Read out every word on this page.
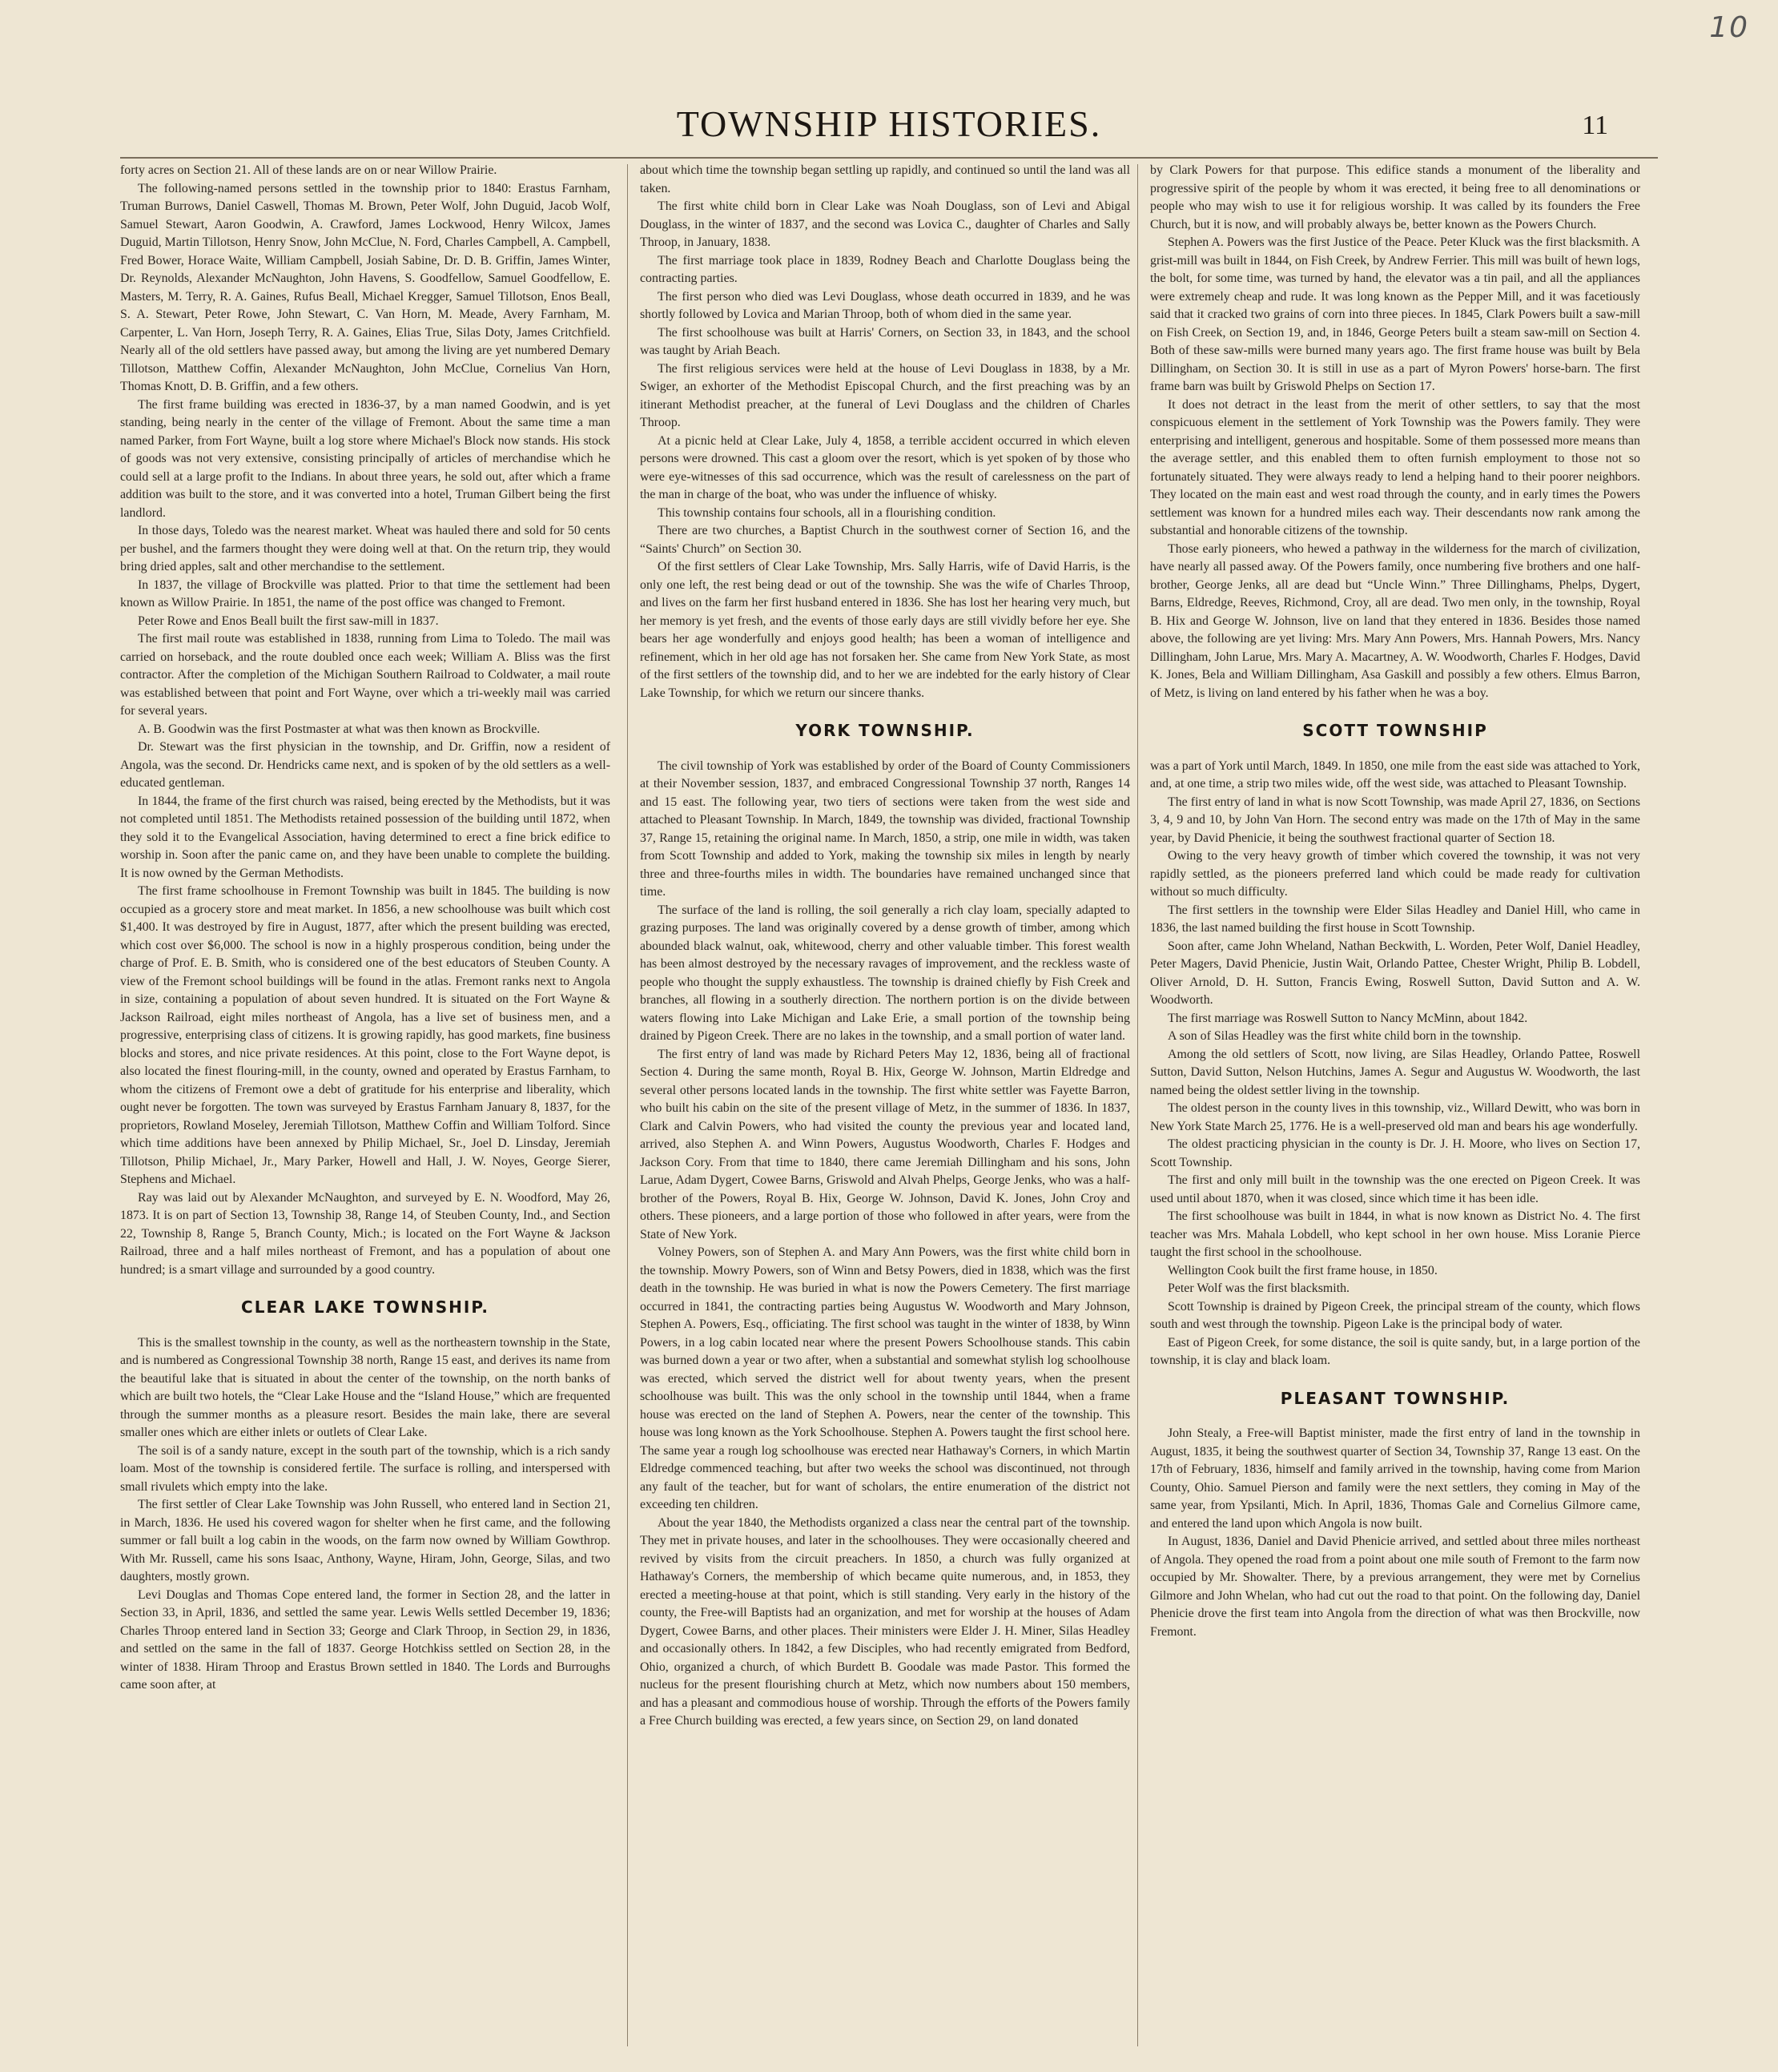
10
TOWNSHIP HISTORIES.	11

forty acres on Section 21. All of these lands are on or near Willow Prairie.

The following-named persons settled in the township prior to 1840: Erastus Farnham, Truman Burrows, Daniel Caswell, Thomas M. Brown, Peter Wolf, John Duguid, Jacob Wolf, Samuel Stewart, Aaron Goodwin, A. Crawford, James Lockwood, Henry Wilcox, James Duguid, Martin Tillotson, Henry Snow, John McClue, N. Ford, Charles Campbell, A. Campbell, Fred Bower, Horace Waite, William Campbell, Josiah Sabine, Dr. D. B. Griffin, James Winter, Dr. Reynolds, Alexander McNaughton, John Havens, S. Goodfellow, Samuel Goodfellow, E. Masters, M. Terry, R. A. Gaines, Rufus Beall, Michael Kregger, Samuel Tillotson, Enos Beall, S. A. Stewart, Peter Rowe, John Stewart, C. Van Horn, M. Meade, Avery Farnham, M. Carpenter, L. Van Horn, Joseph Terry, R. A. Gaines, Elias True, Silas Doty, James Critchfield. Nearly all of the old settlers have passed away, but among the living are yet numbered Demary Tillotson, Matthew Coffin, Alexander McNaughton, John McClue, Cornelius Van Horn, Thomas Knott, D. B. Griffin, and a few others.

The first frame building was erected in 1836-37, by a man named Goodwin, and is yet standing, being nearly in the center of the village of Fremont. About the same time a man named Parker, from Fort Wayne, built a log store where Michael's Block now stands. His stock of goods was not very extensive, consisting principally of articles of merchandise which he could sell at a large profit to the Indians. In about three years, he sold out, after which a frame addition was built to the store, and it was converted into a hotel, Truman Gilbert being the first landlord.

In those days, Toledo was the nearest market. Wheat was hauled there and sold for 50 cents per bushel, and the farmers thought they were doing well at that. On the return trip, they would bring dried apples, salt and other merchandise to the settlement.

In 1837, the village of Brockville was platted. Prior to that time the settlement had been known as Willow Prairie. In 1851, the name of the post office was changed to Fremont.

Peter Rowe and Enos Beall built the first saw-mill in 1837.

The first mail route was established in 1838, running from Lima to Toledo. The mail was carried on horseback, and the route doubled once each week; William A. Bliss was the first contractor. After the completion of the Michigan Southern Railroad to Coldwater, a mail route was established between that point and Fort Wayne, over which a tri-weekly mail was carried for several years.

A. B. Goodwin was the first Postmaster at what was then known as Brockville.

Dr. Stewart was the first physician in the township, and Dr. Griffin, now a resident of Angola, was the second. Dr. Hendricks came next, and is spoken of by the old settlers as a well-educated gentleman.

In 1844, the frame of the first church was raised, being erected by the Methodists, but it was not completed until 1851. The Methodists retained possession of the building until 1872, when they sold it to the Evangelical Association, having determined to erect a fine brick edifice to worship in. Soon after the panic came on, and they have been unable to complete the building. It is now owned by the German Methodists.

The first frame schoolhouse in Fremont Township was built in 1845. The building is now occupied as a grocery store and meat market. In 1856, a new schoolhouse was built which cost $1,400. It was destroyed by fire in August, 1877, after which the present building was erected, which cost over $6,000. The school is now in a highly prosperous condition, being under the charge of Prof. E. B. Smith, who is considered one of the best educators of Steuben County. A view of the Fremont school buildings will be found in the atlas. Fremont ranks next to Angola in size, containing a population of about seven hundred. It is situated on the Fort Wayne & Jackson Railroad, eight miles northeast of Angola, has a live set of business men, and a progressive, enterprising class of citizens. It is growing rapidly, has good markets, fine business blocks and stores, and nice private residences. At this point, close to the Fort Wayne depot, is also located the finest flouring-mill, in the county, owned and operated by Erastus Farnham, to whom the citizens of Fremont owe a debt of gratitude for his enterprise and liberality, which ought never be forgotten. The town was surveyed by Erastus Farnham January 8, 1837, for the proprietors, Rowland Moseley, Jeremiah Tillotson, Matthew Coffin and William Tolford. Since which time additions have been annexed by Philip Michael, Sr., Joel D. Linsday, Jeremiah Tillotson, Philip Michael, Jr., Mary Parker, Howell and Hall, J. W. Noyes, George Sierer, Stephens and Michael.

Ray was laid out by Alexander McNaughton, and surveyed by E. N. Woodford, May 26, 1873. It is on part of Section 13, Township 38, Range 14, of Steuben County, Ind., and Section 22, Township 8, Range 5, Branch County, Mich.; is located on the Fort Wayne & Jackson Railroad, three and a half miles northeast of Fremont, and has a population of about one hundred; is a smart village and surrounded by a good country.

CLEAR LAKE TOWNSHIP.

This is the smallest township in the county, as well as the northeastern township in the State, and is numbered as Congressional Township 38 north, Range 15 east, and derives its name from the beautiful lake that is situated in about the center of the township, on the north banks of which are built two hotels, the “Clear Lake House and the “Island House,” which are frequented through the summer months as a pleasure resort. Besides the main lake, there are several smaller ones which are either inlets or outlets of Clear Lake.

The soil is of a sandy nature, except in the south part of the township, which is a rich sandy loam. Most of the township is considered fertile. The surface is rolling, and interspersed with small rivulets which empty into the lake.

The first settler of Clear Lake Township was John Russell, who entered land in Section 21, in March, 1836. He used his covered wagon for shelter when he first came, and the following summer or fall built a log cabin in the woods, on the farm now owned by William Gowthrop. With Mr. Russell, came his sons Isaac, Anthony, Wayne, Hiram, John, George, Silas, and two daughters, mostly grown.

Levi Douglas and Thomas Cope entered land, the former in Section 28, and the latter in Section 33, in April, 1836, and settled the same year. Lewis Wells settled December 19, 1836; Charles Throop entered land in Section 33; George and Clark Throop, in Section 29, in 1836, and settled on the same in the fall of 1837. George Hotchkiss settled on Section 28, in the winter of 1838. Hiram Throop and Erastus Brown settled in 1840. The Lords and Burroughs came soon after, at

about which time the township began settling up rapidly, and continued so until the land was all taken.

The first white child born in Clear Lake was Noah Douglass, son of Levi and Abigal Douglass, in the winter of 1837, and the second was Lovica C., daughter of Charles and Sally Throop, in January, 1838.

The first marriage took place in 1839, Rodney Beach and Charlotte Douglass being the contracting parties.

The first person who died was Levi Douglass, whose death occurred in 1839, and he was shortly followed by Lovica and Marian Throop, both of whom died in the same year.

The first schoolhouse was built at Harris' Corners, on Section 33, in 1843, and the school was taught by Ariah Beach.

The first religious services were held at the house of Levi Douglass in 1838, by a Mr. Swiger, an exhorter of the Methodist Episcopal Church, and the first preaching was by an itinerant Methodist preacher, at the funeral of Levi Douglass and the children of Charles Throop.

At a picnic held at Clear Lake, July 4, 1858, a terrible accident occurred in which eleven persons were drowned. This cast a gloom over the resort, which is yet spoken of by those who were eye-witnesses of this sad occurrence, which was the result of carelessness on the part of the man in charge of the boat, who was under the influence of whisky.

This township contains four schools, all in a flourishing condition.

There are two churches, a Baptist Church in the southwest corner of Section 16, and the “Saints' Church” on Section 30.

Of the first settlers of Clear Lake Township, Mrs. Sally Harris, wife of David Harris, is the only one left, the rest being dead or out of the township. She was the wife of Charles Throop, and lives on the farm her first husband entered in 1836. She has lost her hearing very much, but her memory is yet fresh, and the events of those early days are still vividly before her eye. She bears her age wonderfully and enjoys good health; has been a woman of intelligence and refinement, which in her old age has not forsaken her. She came from New York State, as most of the first settlers of the township did, and to her we are indebted for the early history of Clear Lake Township, for which we return our sincere thanks.

YORK TOWNSHIP.

The civil township of York was established by order of the Board of County Commissioners at their November session, 1837, and embraced Congressional Township 37 north, Ranges 14 and 15 east. The following year, two tiers of sections were taken from the west side and attached to Pleasant Township. In March, 1849, the township was divided, fractional Township 37, Range 15, retaining the original name. In March, 1850, a strip, one mile in width, was taken from Scott Township and added to York, making the township six miles in length by nearly three and three-fourths miles in width. The boundaries have remained unchanged since that time.

The surface of the land is rolling, the soil generally a rich clay loam, specially adapted to grazing purposes. The land was originally covered by a dense growth of timber, among which abounded black walnut, oak, whitewood, cherry and other valuable timber. This forest wealth has been almost destroyed by the necessary ravages of improvement, and the reckless waste of people who thought the supply exhaustless. The township is drained chiefly by Fish Creek and branches, all flowing in a southerly direction. The northern portion is on the divide between waters flowing into Lake Michigan and Lake Erie, a small portion of the township being drained by Pigeon Creek. There are no lakes in the township, and a small portion of water land.

The first entry of land was made by Richard Peters May 12, 1836, being all of fractional Section 4. During the same month, Royal B. Hix, George W. Johnson, Martin Eldredge and several other persons located lands in the township. The first white settler was Fayette Barron, who built his cabin on the site of the present village of Metz, in the summer of 1836. In 1837, Clark and Calvin Powers, who had visited the county the previous year and located land, arrived, also Stephen A. and Winn Powers, Augustus Woodworth, Charles F. Hodges and Jackson Cory. From that time to 1840, there came Jeremiah Dillingham and his sons, John Larue, Adam Dygert, Cowee Barns, Griswold and Alvah Phelps, George Jenks, who was a half-brother of the Powers, Royal B. Hix, George W. Johnson, David K. Jones, John Croy and others. These pioneers, and a large portion of those who followed in after years, were from the State of New York.

Volney Powers, son of Stephen A. and Mary Ann Powers, was the first white child born in the township. Mowry Powers, son of Winn and Betsy Powers, died in 1838, which was the first death in the township. He was buried in what is now the Powers Cemetery. The first marriage occurred in 1841, the contracting parties being Augustus W. Woodworth and Mary Johnson, Stephen A. Powers, Esq., officiating. The first school was taught in the winter of 1838, by Winn Powers, in a log cabin located near where the present Powers Schoolhouse stands. This cabin was burned down a year or two after, when a substantial and somewhat stylish log schoolhouse was erected, which served the district well for about twenty years, when the present schoolhouse was built. This was the only school in the township until 1844, when a frame house was erected on the land of Stephen A. Powers, near the center of the township. This house was long known as the York Schoolhouse. Stephen A. Powers taught the first school here. The same year a rough log schoolhouse was erected near Hathaway's Corners, in which Martin Eldredge commenced teaching, but after two weeks the school was discontinued, not through any fault of the teacher, but for want of scholars, the entire enumeration of the district not exceeding ten children.

About the year 1840, the Methodists organized a class near the central part of the township. They met in private houses, and later in the schoolhouses. They were occasionally cheered and revived by visits from the circuit preachers. In 1850, a church was fully organized at Hathaway's Corners, the membership of which became quite numerous, and, in 1853, they erected a meeting-house at that point, which is still standing. Very early in the history of the county, the Free-will Baptists had an organization, and met for worship at the houses of Adam Dygert, Cowee Barns, and other places. Their ministers were Elder J. H. Miner, Silas Headley and occasionally others. In 1842, a few Disciples, who had recently emigrated from Bedford, Ohio, organized a church, of which Burdett B. Goodale was made Pastor. This formed the nucleus for the present flourishing church at Metz, which now numbers about 150 members, and has a pleasant and commodious house of worship. Through the efforts of the Powers family a Free Church building was erected, a few years since, on Section 29, on land donated

by Clark Powers for that purpose. This edifice stands a monument of the liberality and progressive spirit of the people by whom it was erected, it being free to all denominations or people who may wish to use it for religious worship. It was called by its founders the Free Church, but it is now, and will probably always be, better known as the Powers Church.

Stephen A. Powers was the first Justice of the Peace. Peter Kluck was the first blacksmith. A grist-mill was built in 1844, on Fish Creek, by Andrew Ferrier. This mill was built of hewn logs, the bolt, for some time, was turned by hand, the elevator was a tin pail, and all the appliances were extremely cheap and rude. It was long known as the Pepper Mill, and it was facetiously said that it cracked two grains of corn into three pieces. In 1845, Clark Powers built a saw-mill on Fish Creek, on Section 19, and, in 1846, George Peters built a steam saw-mill on Section 4. Both of these saw-mills were burned many years ago. The first frame house was built by Bela Dillingham, on Section 30. It is still in use as a part of Myron Powers' horse-barn. The first frame barn was built by Griswold Phelps on Section 17.

It does not detract in the least from the merit of other settlers, to say that the most conspicuous element in the settlement of York Township was the Powers family. They were enterprising and intelligent, generous and hospitable. Some of them possessed more means than the average settler, and this enabled them to often furnish employment to those not so fortunately situated. They were always ready to lend a helping hand to their poorer neighbors. They located on the main east and west road through the county, and in early times the Powers settlement was known for a hundred miles each way. Their descendants now rank among the substantial and honorable citizens of the township.

Those early pioneers, who hewed a pathway in the wilderness for the march of civilization, have nearly all passed away. Of the Powers family, once numbering five brothers and one half-brother, George Jenks, all are dead but “Uncle Winn.” Three Dillinghams, Phelps, Dygert, Barns, Eldredge, Reeves, Richmond, Croy, all are dead. Two men only, in the township, Royal B. Hix and George W. Johnson, live on land that they entered in 1836. Besides those named above, the following are yet living: Mrs. Mary Ann Powers, Mrs. Hannah Powers, Mrs. Nancy Dillingham, John Larue, Mrs. Mary A. Macartney, A. W. Woodworth, Charles F. Hodges, David K. Jones, Bela and William Dillingham, Asa Gaskill and possibly a few others. Elmus Barron, of Metz, is living on land entered by his father when he was a boy.

SCOTT TOWNSHIP

was a part of York until March, 1849. In 1850, one mile from the east side was attached to York, and, at one time, a strip two miles wide, off the west side, was attached to Pleasant Township.

The first entry of land in what is now Scott Township, was made April 27, 1836, on Sections 3, 4, 9 and 10, by John Van Horn. The second entry was made on the 17th of May in the same year, by David Phenicie, it being the southwest fractional quarter of Section 18.

Owing to the very heavy growth of timber which covered the township, it was not very rapidly settled, as the pioneers preferred land which could be made ready for cultivation without so much difficulty.

The first settlers in the township were Elder Silas Headley and Daniel Hill, who came in 1836, the last named building the first house in Scott Township.

Soon after, came John Wheland, Nathan Beckwith, L. Worden, Peter Wolf, Daniel Headley, Peter Magers, David Phenicie, Justin Wait, Orlando Pattee, Chester Wright, Philip B. Lobdell, Oliver Arnold, D. H. Sutton, Francis Ewing, Roswell Sutton, David Sutton and A. W. Woodworth.

The first marriage was Roswell Sutton to Nancy McMinn, about 1842.

A son of Silas Headley was the first white child born in the township.

Among the old settlers of Scott, now living, are Silas Headley, Orlando Pattee, Roswell Sutton, David Sutton, Nelson Hutchins, James A. Segur and Augustus W. Woodworth, the last named being the oldest settler living in the township.

The oldest person in the county lives in this township, viz., Willard Dewitt, who was born in New York State March 25, 1776. He is a well-preserved old man and bears his age wonderfully.

The oldest practicing physician in the county is Dr. J. H. Moore, who lives on Section 17, Scott Township.

The first and only mill built in the township was the one erected on Pigeon Creek. It was used until about 1870, when it was closed, since which time it has been idle.

The first schoolhouse was built in 1844, in what is now known as District No. 4. The first teacher was Mrs. Mahala Lobdell, who kept school in her own house. Miss Loranie Pierce taught the first school in the schoolhouse.

Wellington Cook built the first frame house, in 1850.

Peter Wolf was the first blacksmith.

Scott Township is drained by Pigeon Creek, the principal stream of the county, which flows south and west through the township. Pigeon Lake is the principal body of water.

East of Pigeon Creek, for some distance, the soil is quite sandy, but, in a large portion of the township, it is clay and black loam.

PLEASANT TOWNSHIP.

John Stealy, a Free-will Baptist minister, made the first entry of land in the township in August, 1835, it being the southwest quarter of Section 34, Township 37, Range 13 east. On the 17th of February, 1836, himself and family arrived in the township, having come from Marion County, Ohio. Samuel Pierson and family were the next settlers, they coming in May of the same year, from Ypsilanti, Mich. In April, 1836, Thomas Gale and Cornelius Gilmore came, and entered the land upon which Angola is now built.

In August, 1836, Daniel and David Phenicie arrived, and settled about three miles northeast of Angola. They opened the road from a point about one mile south of Fremont to the farm now occupied by Mr. Showalter. There, by a previous arrangement, they were met by Cornelius Gilmore and John Whelan, who had cut out the road to that point. On the following day, Daniel Phenicie drove the first team into Angola from the direction of what was then Brockville, now Fremont.
